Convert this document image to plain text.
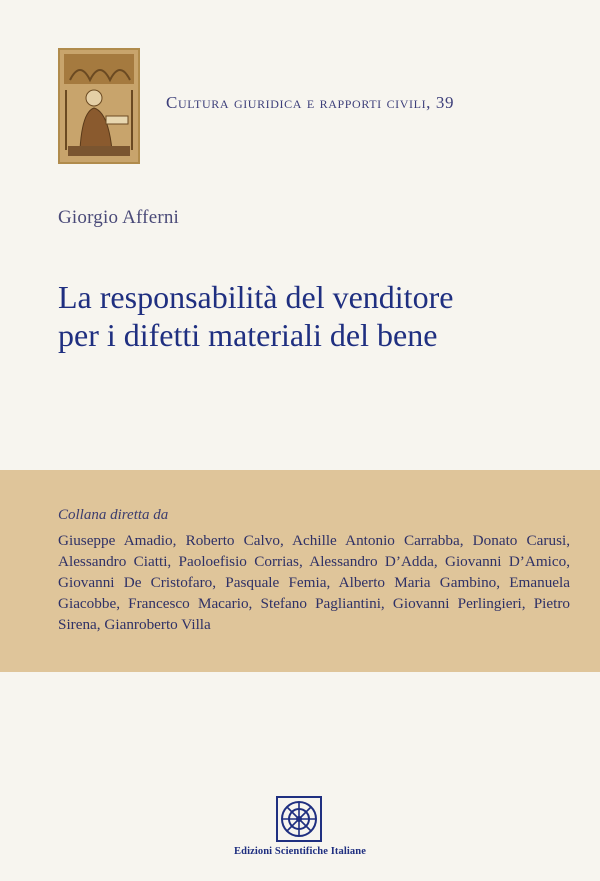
Cultura giuridica e rapporti civili, 39
Giorgio Afferni
La responsabilità del venditore
per i difetti materiali del bene
Collana diretta da
Giuseppe Amadio, Roberto Calvo, Achille Antonio Carrabba, Donato Carusi, Alessandro Ciatti, Paoloefisio Corrias, Alessandro D’Adda, Giovanni D’Amico, Giovanni De Cristofaro, Pasquale Femia, Alberto Maria Gambino, Emanuela Giacobbe, Francesco Macario, Stefano Pagliantini, Giovanni Perlingieri, Pietro Sirena, Gianroberto Villa
Edizioni Scientifiche Italiane
